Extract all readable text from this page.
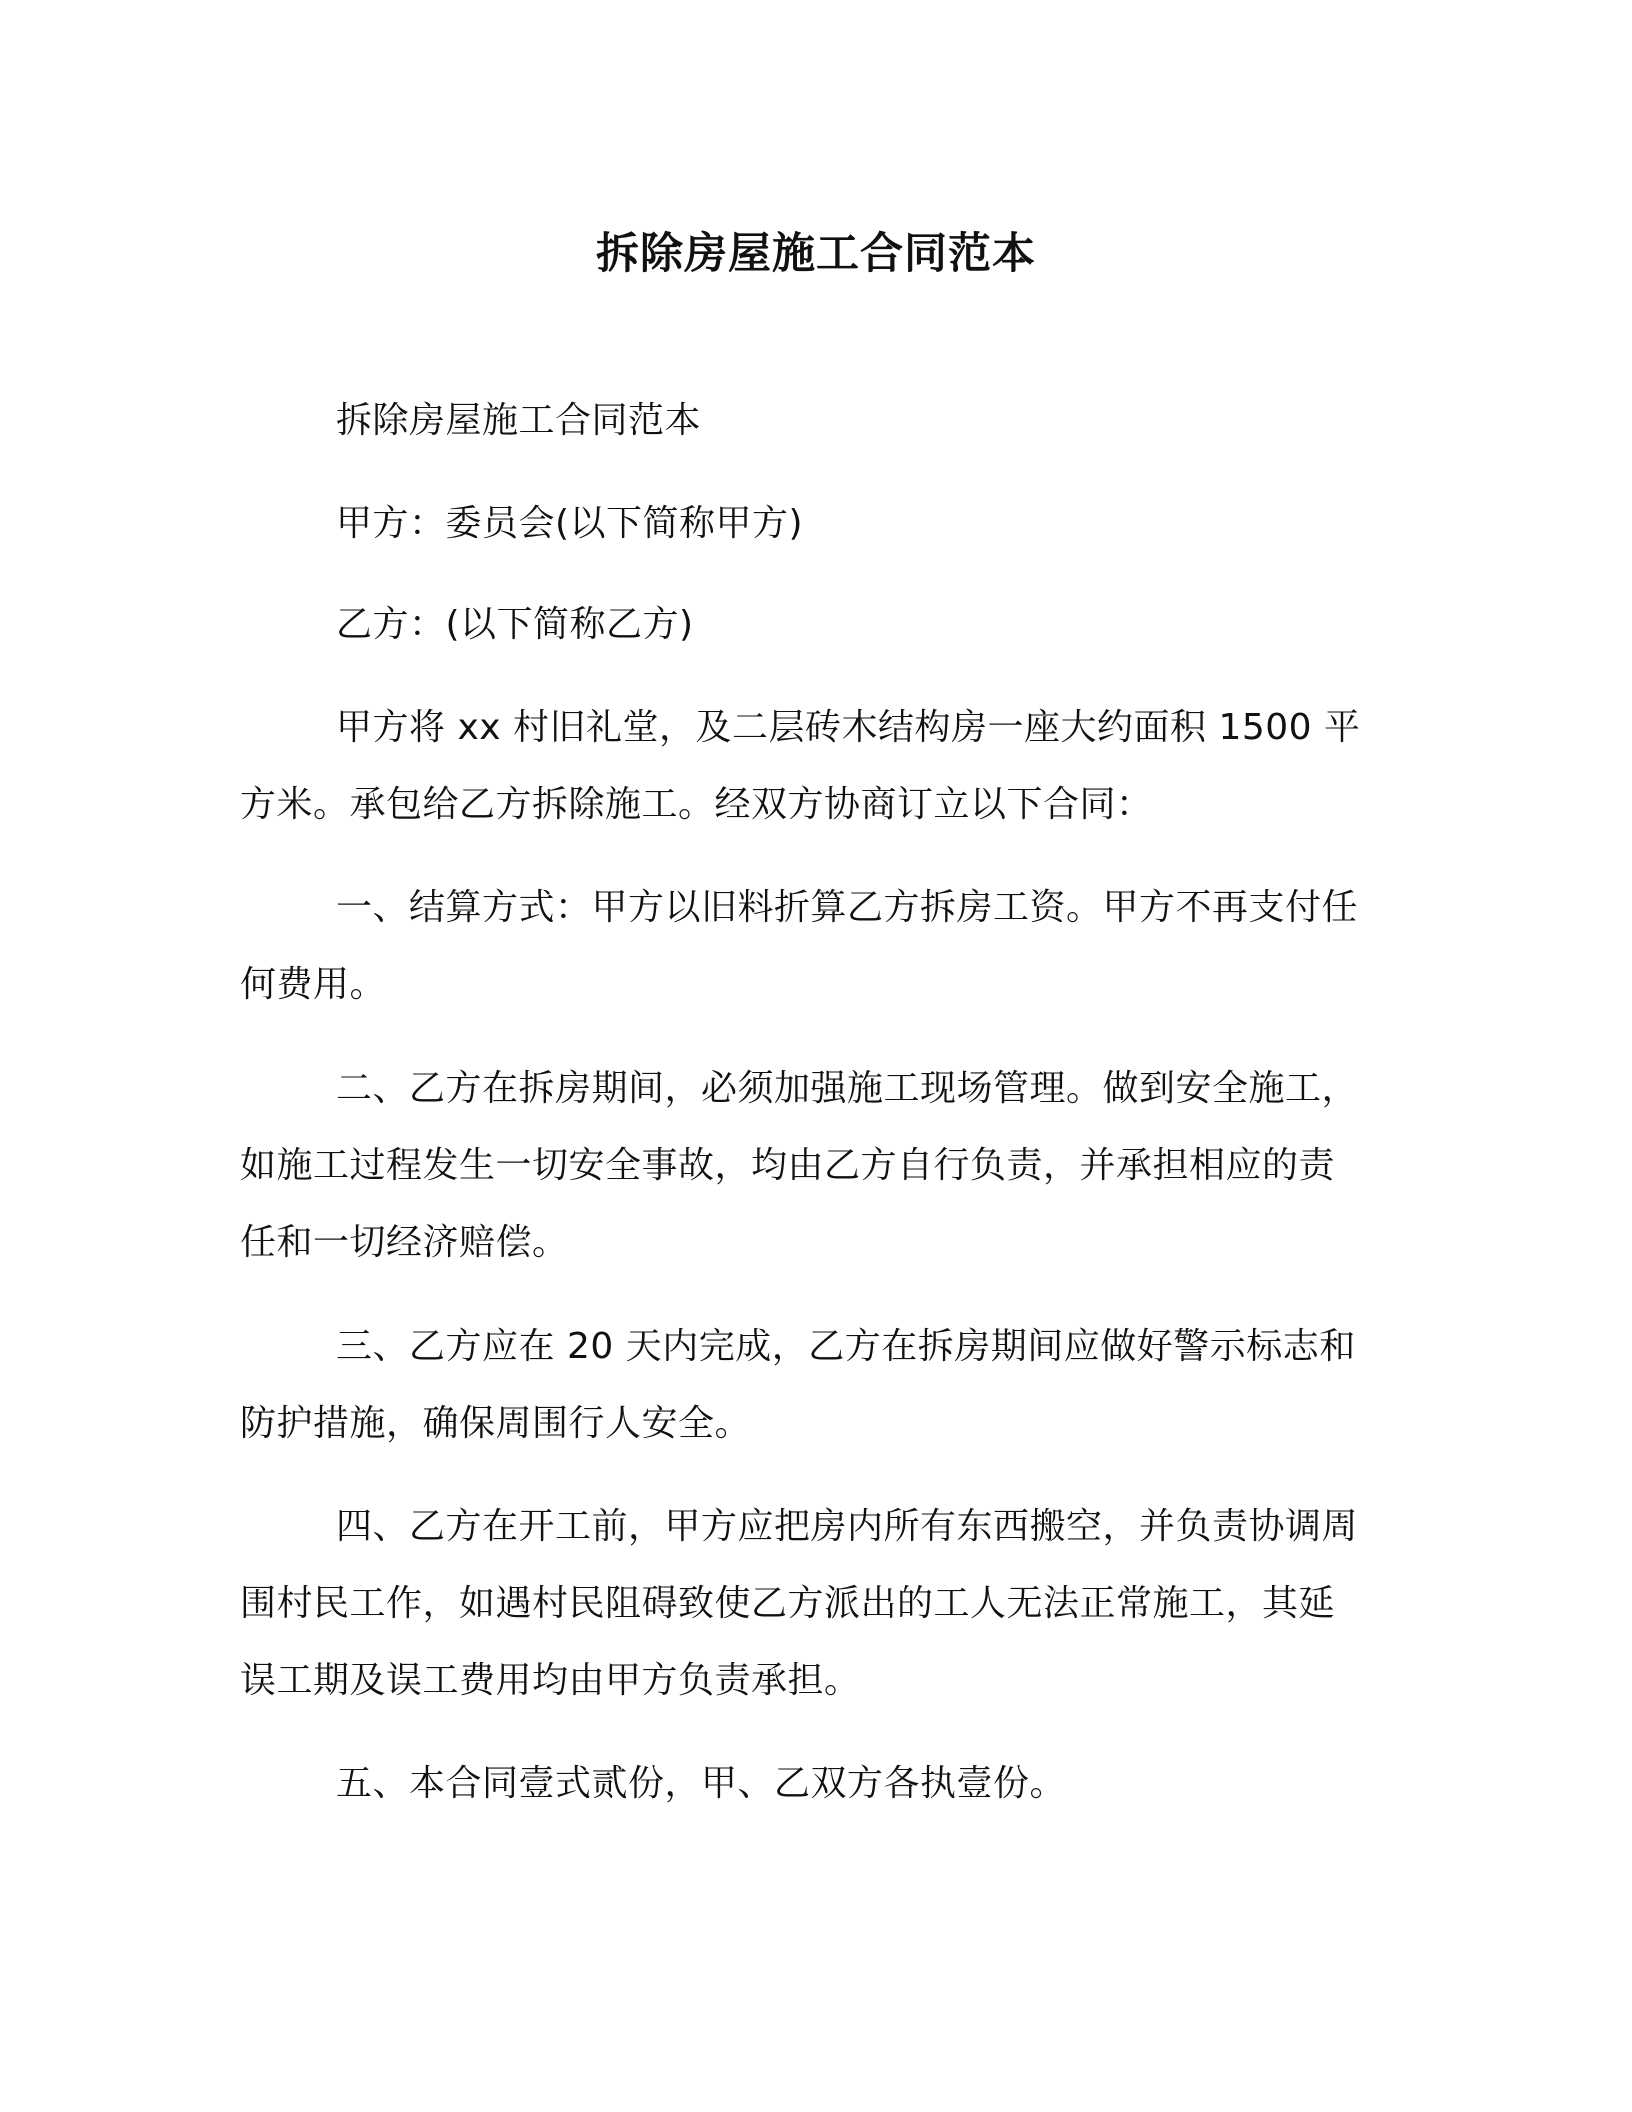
拆除房屋施工合同范本

拆除房屋施工合同范本

甲方：委员会(以下简称甲方)

乙方：(以下简称乙方)

甲方将 xx 村旧礼堂，及二层砖木结构房一座大约面积 1500 平方米。承包给乙方拆除施工。经双方协商订立以下合同：

一、结算方式：甲方以旧料折算乙方拆房工资。甲方不再支付任何费用。

二、乙方在拆房期间，必须加强施工现场管理。做到安全施工，如施工过程发生一切安全事故，均由乙方自行负责，并承担相应的责任和一切经济赔偿。

三、乙方应在 20 天内完成，乙方在拆房期间应做好警示标志和防护措施，确保周围行人安全。

四、乙方在开工前，甲方应把房内所有东西搬空，并负责协调周围村民工作，如遇村民阻碍致使乙方派出的工人无法正常施工，其延误工期及误工费用均由甲方负责承担。

五、本合同壹式贰份，甲、乙双方各执壹份。
